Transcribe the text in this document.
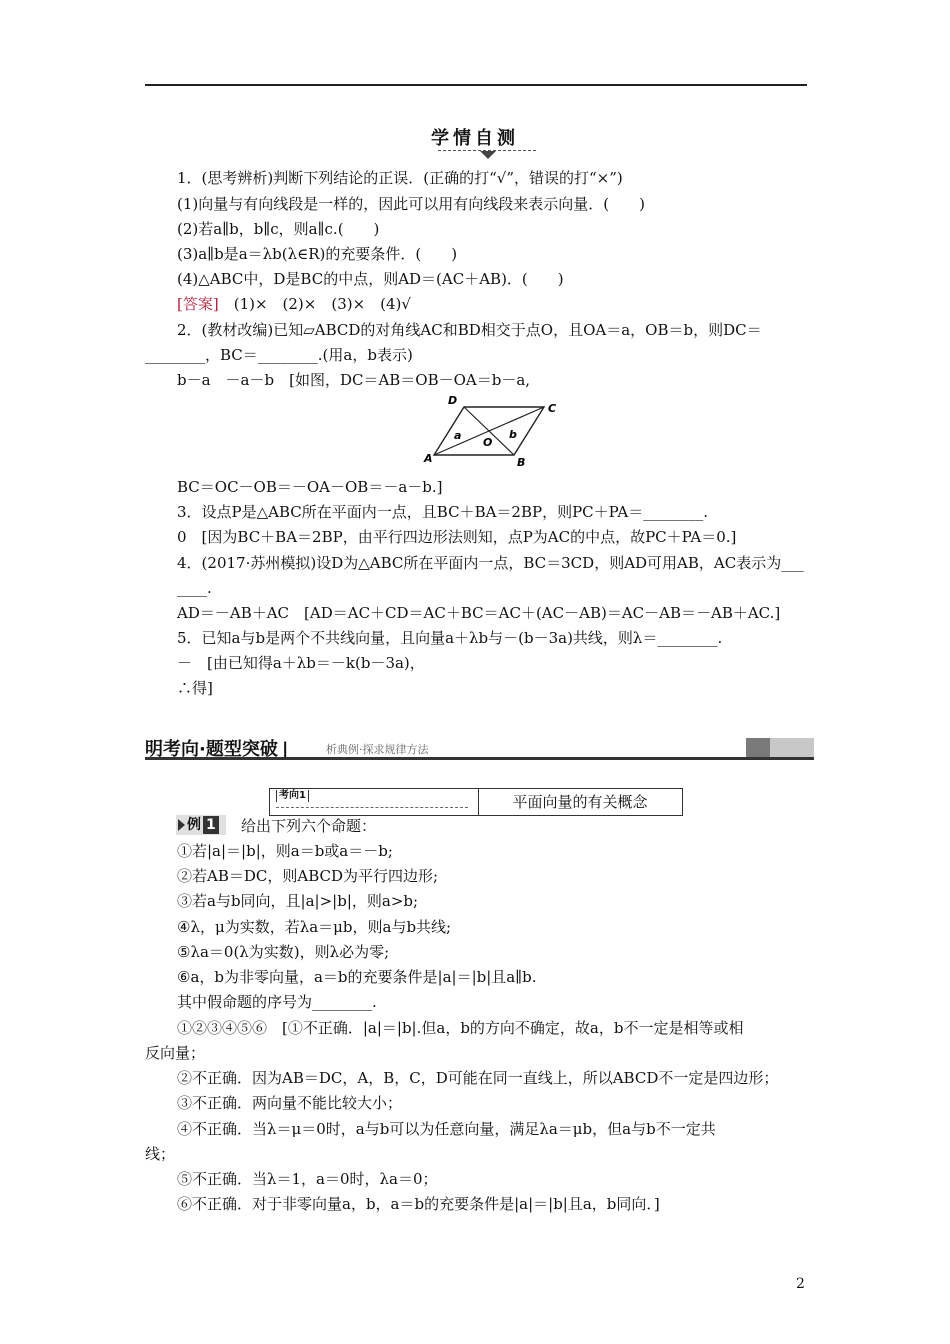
学情自测
1．(思考辨析)判断下列结论的正误．(正确的打“√”，错误的打“×”)
(1)向量与有向线段是一样的，因此可以用有向线段来表示向量．(　　)
(2)若a∥b，b∥c，则a∥c.(　　)
(3)a∥b是a＝λb(λ∈R)的充要条件．(　　)
(4)△ABC中，D是BC的中点，则AD＝(AC＋AB)．(　　)
[答案]　(1)×　(2)×　(3)×　(4)√
2．(教材改编)已知▱ABCD的对角线AC和BD相交于点O，且OA＝a，OB＝b，则DC＝
________，BC＝________.(用a，b表示)
b－a　－a－b　[如图，DC＝AB＝OB－OA＝b－a,
D
C
A	B
O
a	b
BC＝OC－OB＝－OA－OB＝－a－b.]
3．设点P是△ABC所在平面内一点，且BC＋BA＝2BP，则PC＋PA＝________.
0　[因为BC＋BA＝2BP，由平行四边形法则知，点P为AC的中点，故PC＋PA＝0.]
4．(2017·苏州模拟)设D为△ABC所在平面内一点，BC＝3CD，则AD可用AB，AC表示为___
____.
AD＝－AB＋AC　[AD＝AC＋CD＝AC＋BC＝AC＋(AC－AB)＝AC－AB＝－AB＋AC.]
5．已知a与b是两个不共线向量，且向量a＋λb与－(b－3a)共线，则λ＝________.
－　[由已知得a＋λb＝－k(b－3a)，
∴得]
明考向·题型突破 |	析典例·探求规律方法
考向1	平面向量的有关概念
例 1	给出下列六个命题：
①若|a|＝|b|，则a＝b或a＝－b;
②若AB＝DC，则ABCD为平行四边形;
③若a与b同向，且|a|>|b|，则a>b;
④λ，μ为实数，若λa＝μb，则a与b共线;
⑤λa＝0(λ为实数)，则λ必为零;
⑥a，b为非零向量，a＝b的充要条件是|a|＝|b|且a∥b.
其中假命题的序号为________.
①②③④⑤⑥　[①不正确．|a|＝|b|.但a，b的方向不确定，故a，b不一定是相等或相
反向量；
②不正确．因为AB＝DC，A，B，C，D可能在同一直线上，所以ABCD不一定是四边形；
③不正确．两向量不能比较大小；
④不正确．当λ＝μ＝0时，a与b可以为任意向量，满足λa＝μb，但a与b不一定共
线；
⑤不正确．当λ＝1，a＝0时，λa＝0；
⑥不正确．对于非零向量a，b，a＝b的充要条件是|a|＝|b|且a，b同向．]
2
